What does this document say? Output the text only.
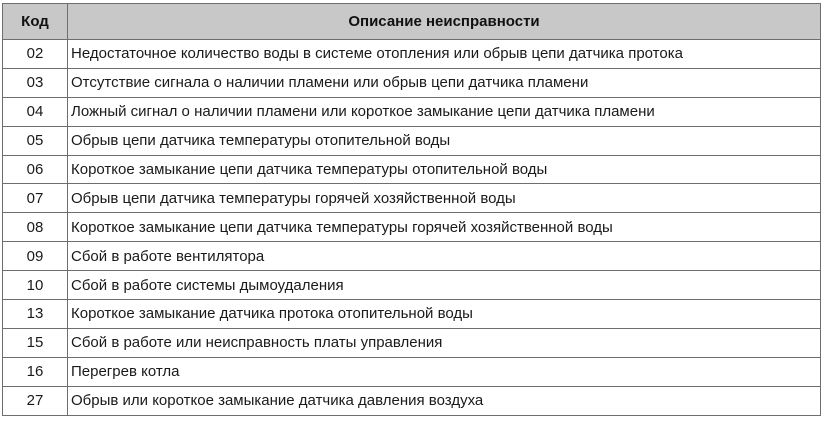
Код	Описание неисправности
02	Недостаточное количество воды в системе отопления или обрыв цепи датчика протока
03	Отсутствие сигнала о наличии пламени или обрыв цепи датчика пламени
04	Ложный сигнал о наличии пламени или короткое замыкание цепи датчика пламени
05	Обрыв цепи датчика температуры отопительной воды
06	Короткое замыкание цепи датчика температуры отопительной воды
07	Обрыв цепи датчика температуры горячей хозяйственной воды
08	Короткое замыкание цепи датчика температуры горячей хозяйственной воды
09	Сбой в работе вентилятора
10	Сбой в работе системы дымоудаления
13	Короткое замыкание датчика протока отопительной воды
15	Сбой в работе или неисправность платы управления
16	Перегрев котла
27	Обрыв или короткое замыкание датчика давления воздуха
